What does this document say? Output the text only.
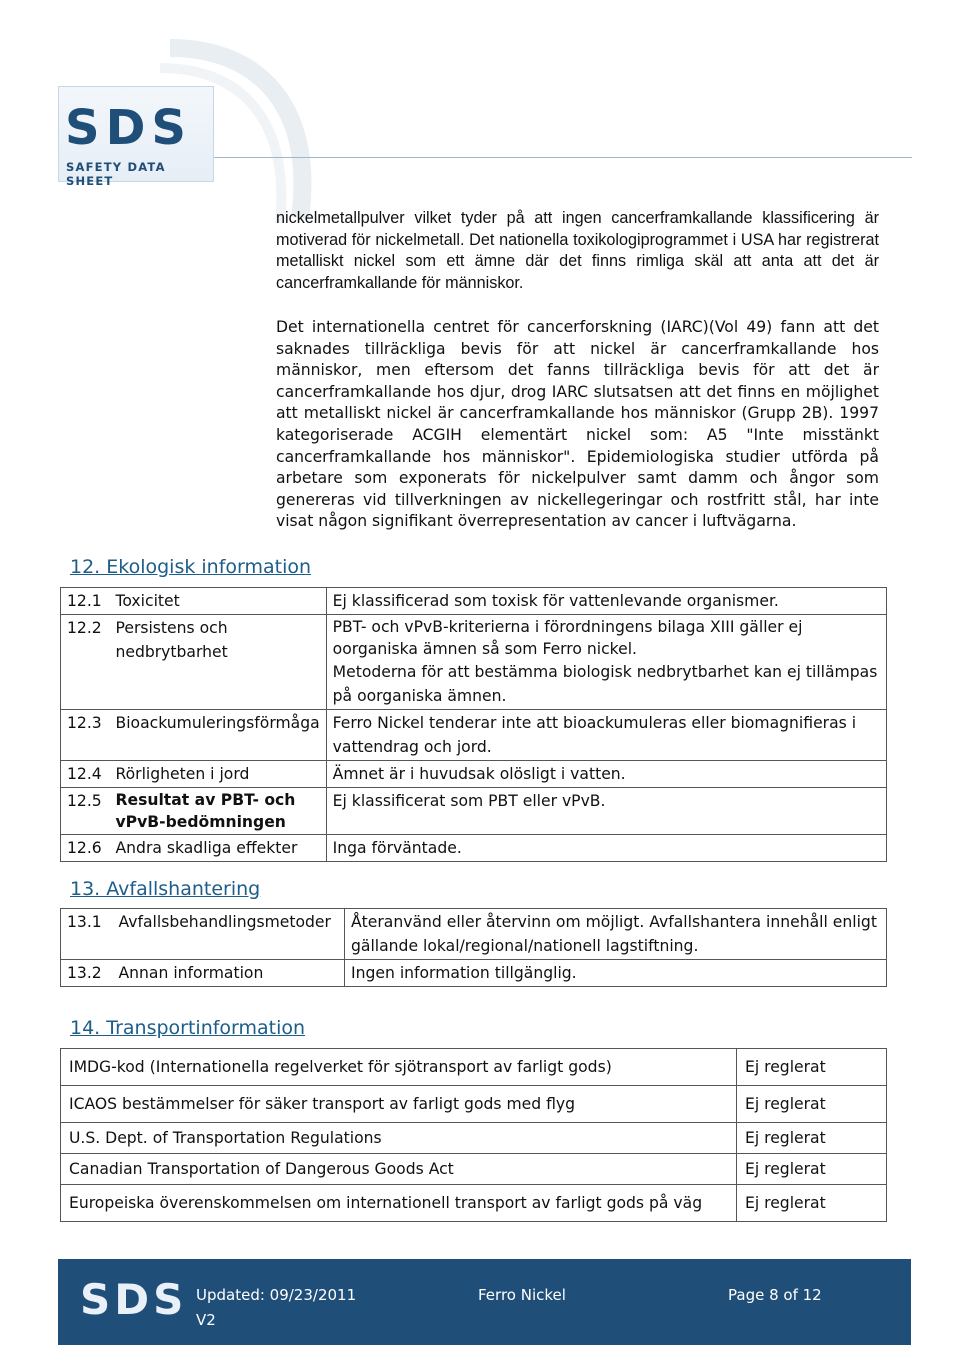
SDS
SAFETY DATA SHEET
nickelmetallpulver vilket tyder på att ingen cancerframkallande klassificering är motiverad för nickelmetall. Det nationella toxikologiprogrammet i USA har registrerat metalliskt nickel som ett ämne där det finns rimliga skäl att anta att det är cancerframkallande för människor.
Det internationella centret för cancerforskning (IARC)(Vol 49) fann att det saknades tillräckliga bevis för att nickel är cancerframkallande hos människor, men eftersom det fanns tillräckliga bevis för att det är cancerframkallande hos djur, drog IARC slutsatsen att det finns en möjlighet att metalliskt nickel är cancerframkallande hos människor (Grupp 2B). 1997 kategoriserade ACGIH elementärt nickel som: A5 "Inte misstänkt cancerframkallande hos människor". Epidemiologiska studier utförda på arbetare som exponerats för nickelpulver samt damm och ångor som genereras vid tillverkningen av nickellegeringar och rostfritt stål, har inte visat någon signifikant överrepresentation av cancer i luftvägarna.
12. Ekologisk information
12.1	Toxicitet	Ej klassificerad som toxisk för vattenlevande organismer.
12.2	Persistens och nedbrytbarhet	PBT- och vPvB-kriterierna i förordningens bilaga XIII gäller ej oorganiska ämnen så som Ferro nickel.
Metoderna för att bestämma biologisk nedbrytbarhet kan ej tillämpas på oorganiska ämnen.

12.3	Bioackumuleringsförmåga	Ferro Nickel tenderar inte att bioackumuleras eller biomagnifieras i vattendrag och jord.
12.4	Rörligheten i jord	Ämnet är i huvudsak olösligt i vatten.
12.5	Resultat av PBT- och vPvB-bedömningen	Ej klassificerat som PBT eller vPvB.
12.6	Andra skadliga effekter	Inga förväntade.
13. Avfallshantering
13.1	Avfallsbehandlingsmetoder	Återanvänd eller återvinn om möjligt. Avfallshantera innehåll enligt gällande lokal/regional/nationell lagstiftning.
13.2	Annan information	Ingen information tillgänglig.
14. Transportinformation
IMDG-kod (Internationella regelverket för sjötransport av farligt gods)	Ej reglerat
ICAOS bestämmelser för säker transport av farligt gods med flyg	Ej reglerat
U.S. Dept. of Transportation Regulations	Ej reglerat
Canadian Transportation of Dangerous Goods Act	Ej reglerat
Europeiska överenskommelsen om internationell transport av farligt gods på väg	Ej reglerat
SDS Updated: 09/23/2011
V2
Ferro Nickel	Page 8 of 12
